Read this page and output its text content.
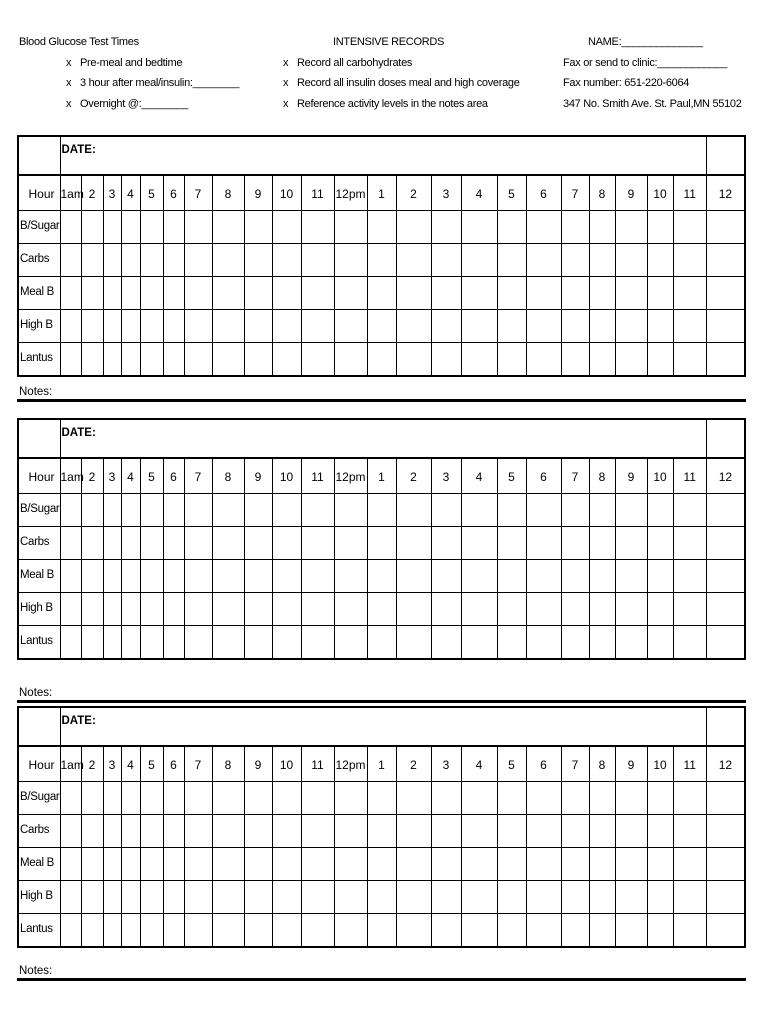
Blood Glucose Test Times
x Pre-meal and bedtime
x 3 hour after meal/insulin:________
x Overnight @:________
INTENSIVE RECORDS
x Record all carbohydrates
x Record all insulin doses meal and high coverage
x Reference activity levels in the notes area
NAME:______________
Fax or send to clinic:____________
Fax number: 651-220-6064
347 No. Smith Ave. St. Paul,MN 55102
	DATE:																							
Hour	1am	2	3	4	5	6	7	8	9	10	11	12pm	1	2	3	4	5	6	7	8	9	10	11	12
B/Sugar																								
Carbs																								
Meal B																								
High B																								
Lantus																								
Notes:
	DATE:																							
Hour	1am	2	3	4	5	6	7	8	9	10	11	12pm	1	2	3	4	5	6	7	8	9	10	11	12
B/Sugar																								
Carbs																								
Meal B																								
High B																								
Lantus																								
Notes:
	DATE:																							
Hour	1am	2	3	4	5	6	7	8	9	10	11	12pm	1	2	3	4	5	6	7	8	9	10	11	12
B/Sugar																								
Carbs																								
Meal B																								
High B																								
Lantus																								
Notes:
